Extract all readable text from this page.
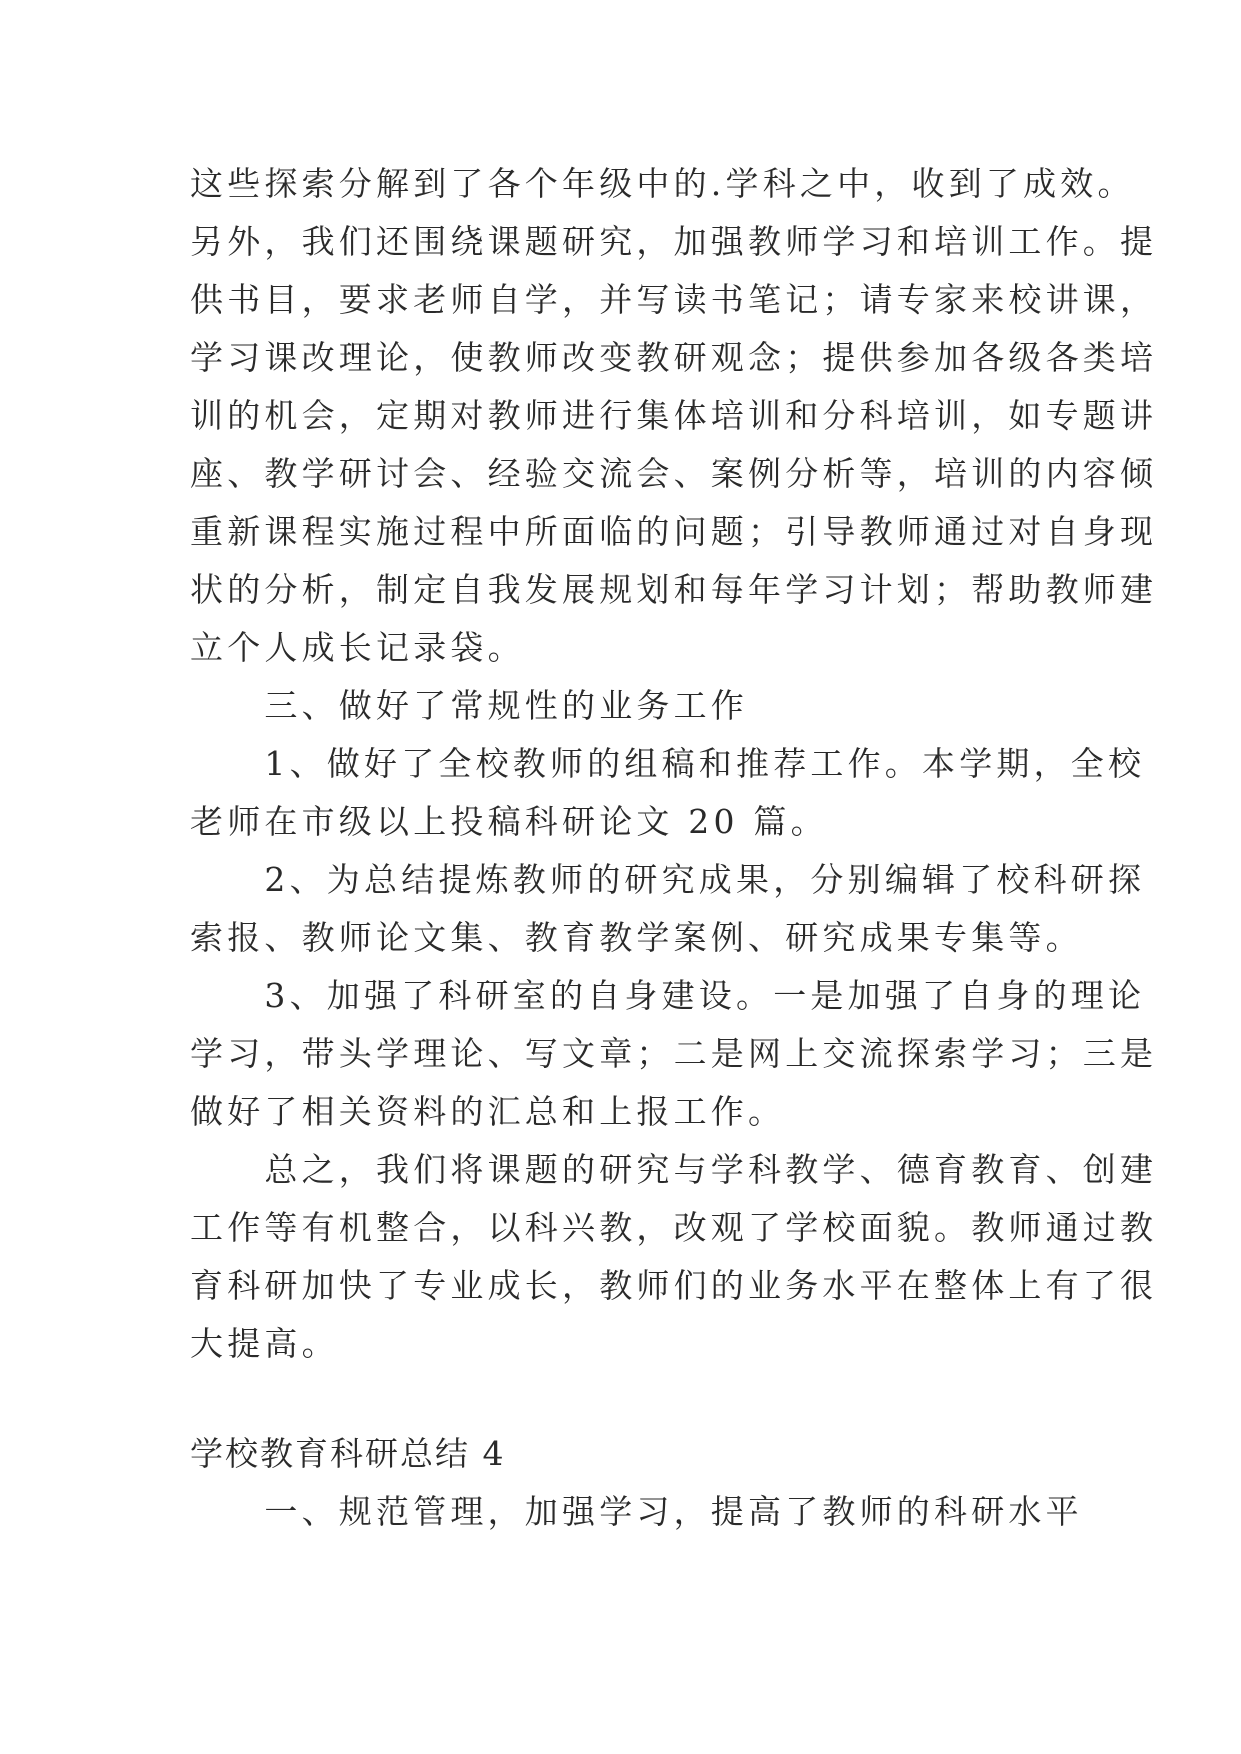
这些探索分解到了各个年级中的.学科之中，收到了成效。
另外，我们还围绕课题研究，加强教师学习和培训工作。提
供书目，要求老师自学，并写读书笔记；请专家来校讲课，
学习课改理论，使教师改变教研观念；提供参加各级各类培
训的机会，定期对教师进行集体培训和分科培训，如专题讲
座、教学研讨会、经验交流会、案例分析等，培训的内容倾
重新课程实施过程中所面临的问题；引导教师通过对自身现
状的分析，制定自我发展规划和每年学习计划；帮助教师建
立个人成长记录袋。
　　三、做好了常规性的业务工作
　　1、做好了全校教师的组稿和推荐工作。本学期，全校
老师在市级以上投稿科研论文 20 篇。
　　2、为总结提炼教师的研究成果，分别编辑了校科研探
索报、教师论文集、教育教学案例、研究成果专集等。
　　3、加强了科研室的自身建设。一是加强了自身的理论
学习，带头学理论、写文章；二是网上交流探索学习；三是
做好了相关资料的汇总和上报工作。
　　总之，我们将课题的研究与学科教学、德育教育、创建
工作等有机整合，以科兴教，改观了学校面貌。教师通过教
育科研加快了专业成长，教师们的业务水平在整体上有了很
大提高。
学校教育科研总结 4
　　一、规范管理，加强学习，提高了教师的科研水平
